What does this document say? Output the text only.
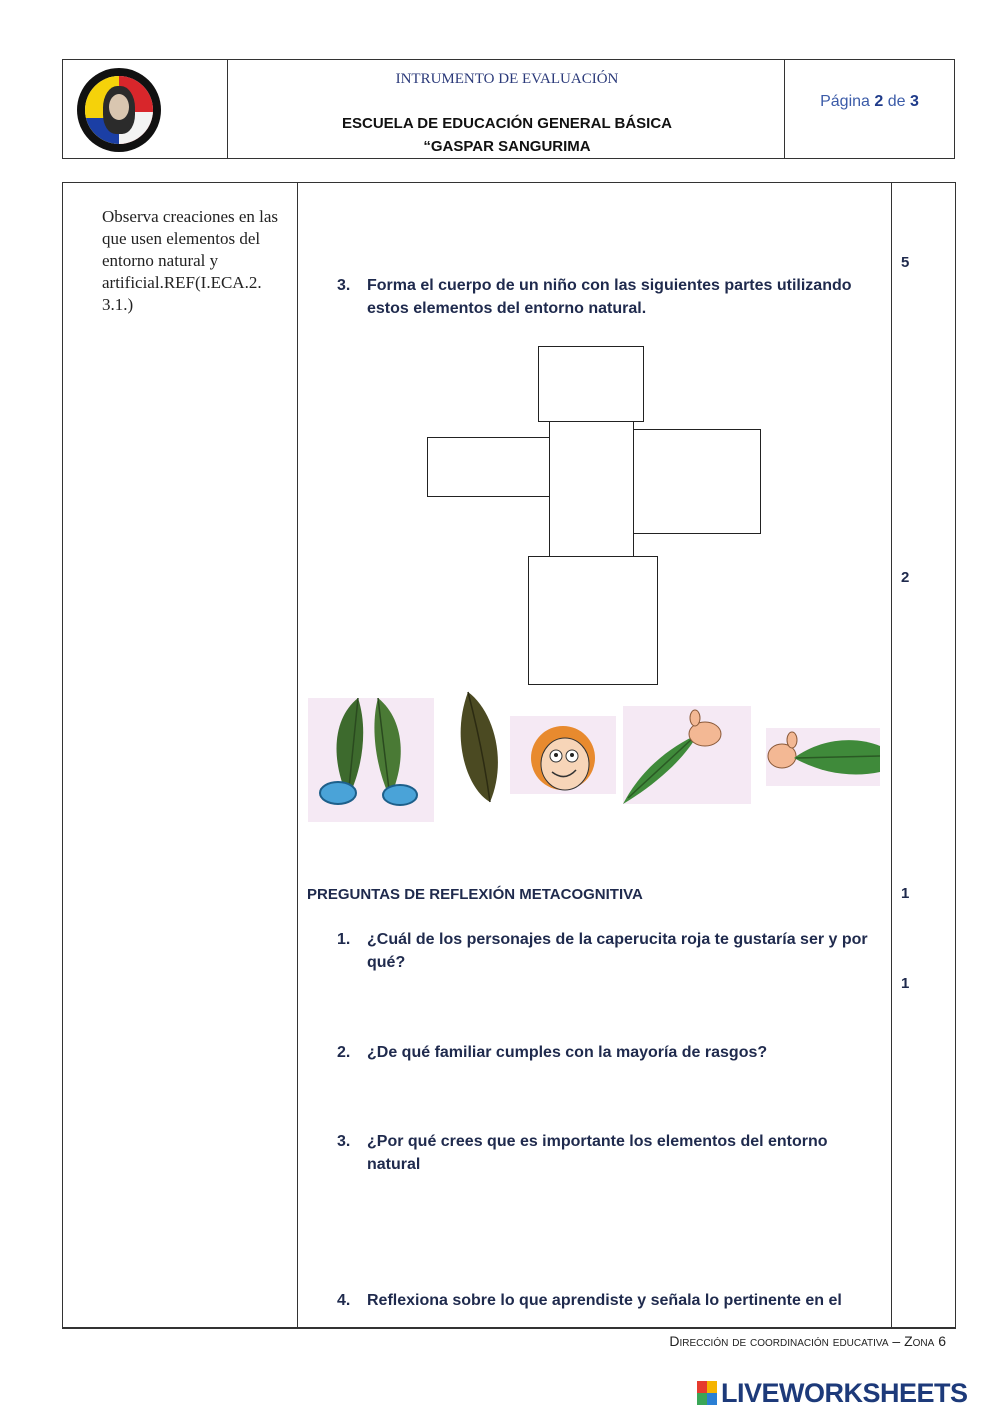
INTRUMENTO DE EVALUACIÓN
ESCUELA DE EDUCACIÓN GENERAL BÁSICA
“GASPAR SANGURIMA
Página 2 de 3
Observa creaciones en las que usen elementos del entorno natural y artificial.REF(I.ECA.2. 3.1.)
3. Forma el cuerpo de un niño con las siguientes partes utilizando estos elementos del entorno natural.
5
2
1
1
PREGUNTAS DE REFLEXIÓN METACOGNITIVA
1. ¿Cuál de los personajes de la caperucita roja te gustaría ser y por qué?
2. ¿De qué familiar cumples con la mayoría de rasgos?
3. ¿Por qué crees que es importante los elementos del entorno natural
4. Reflexiona sobre lo que aprendiste y señala lo pertinente en el
Dirección de coordinación educativa – Zona 6
LIVEWORKSHEETS
